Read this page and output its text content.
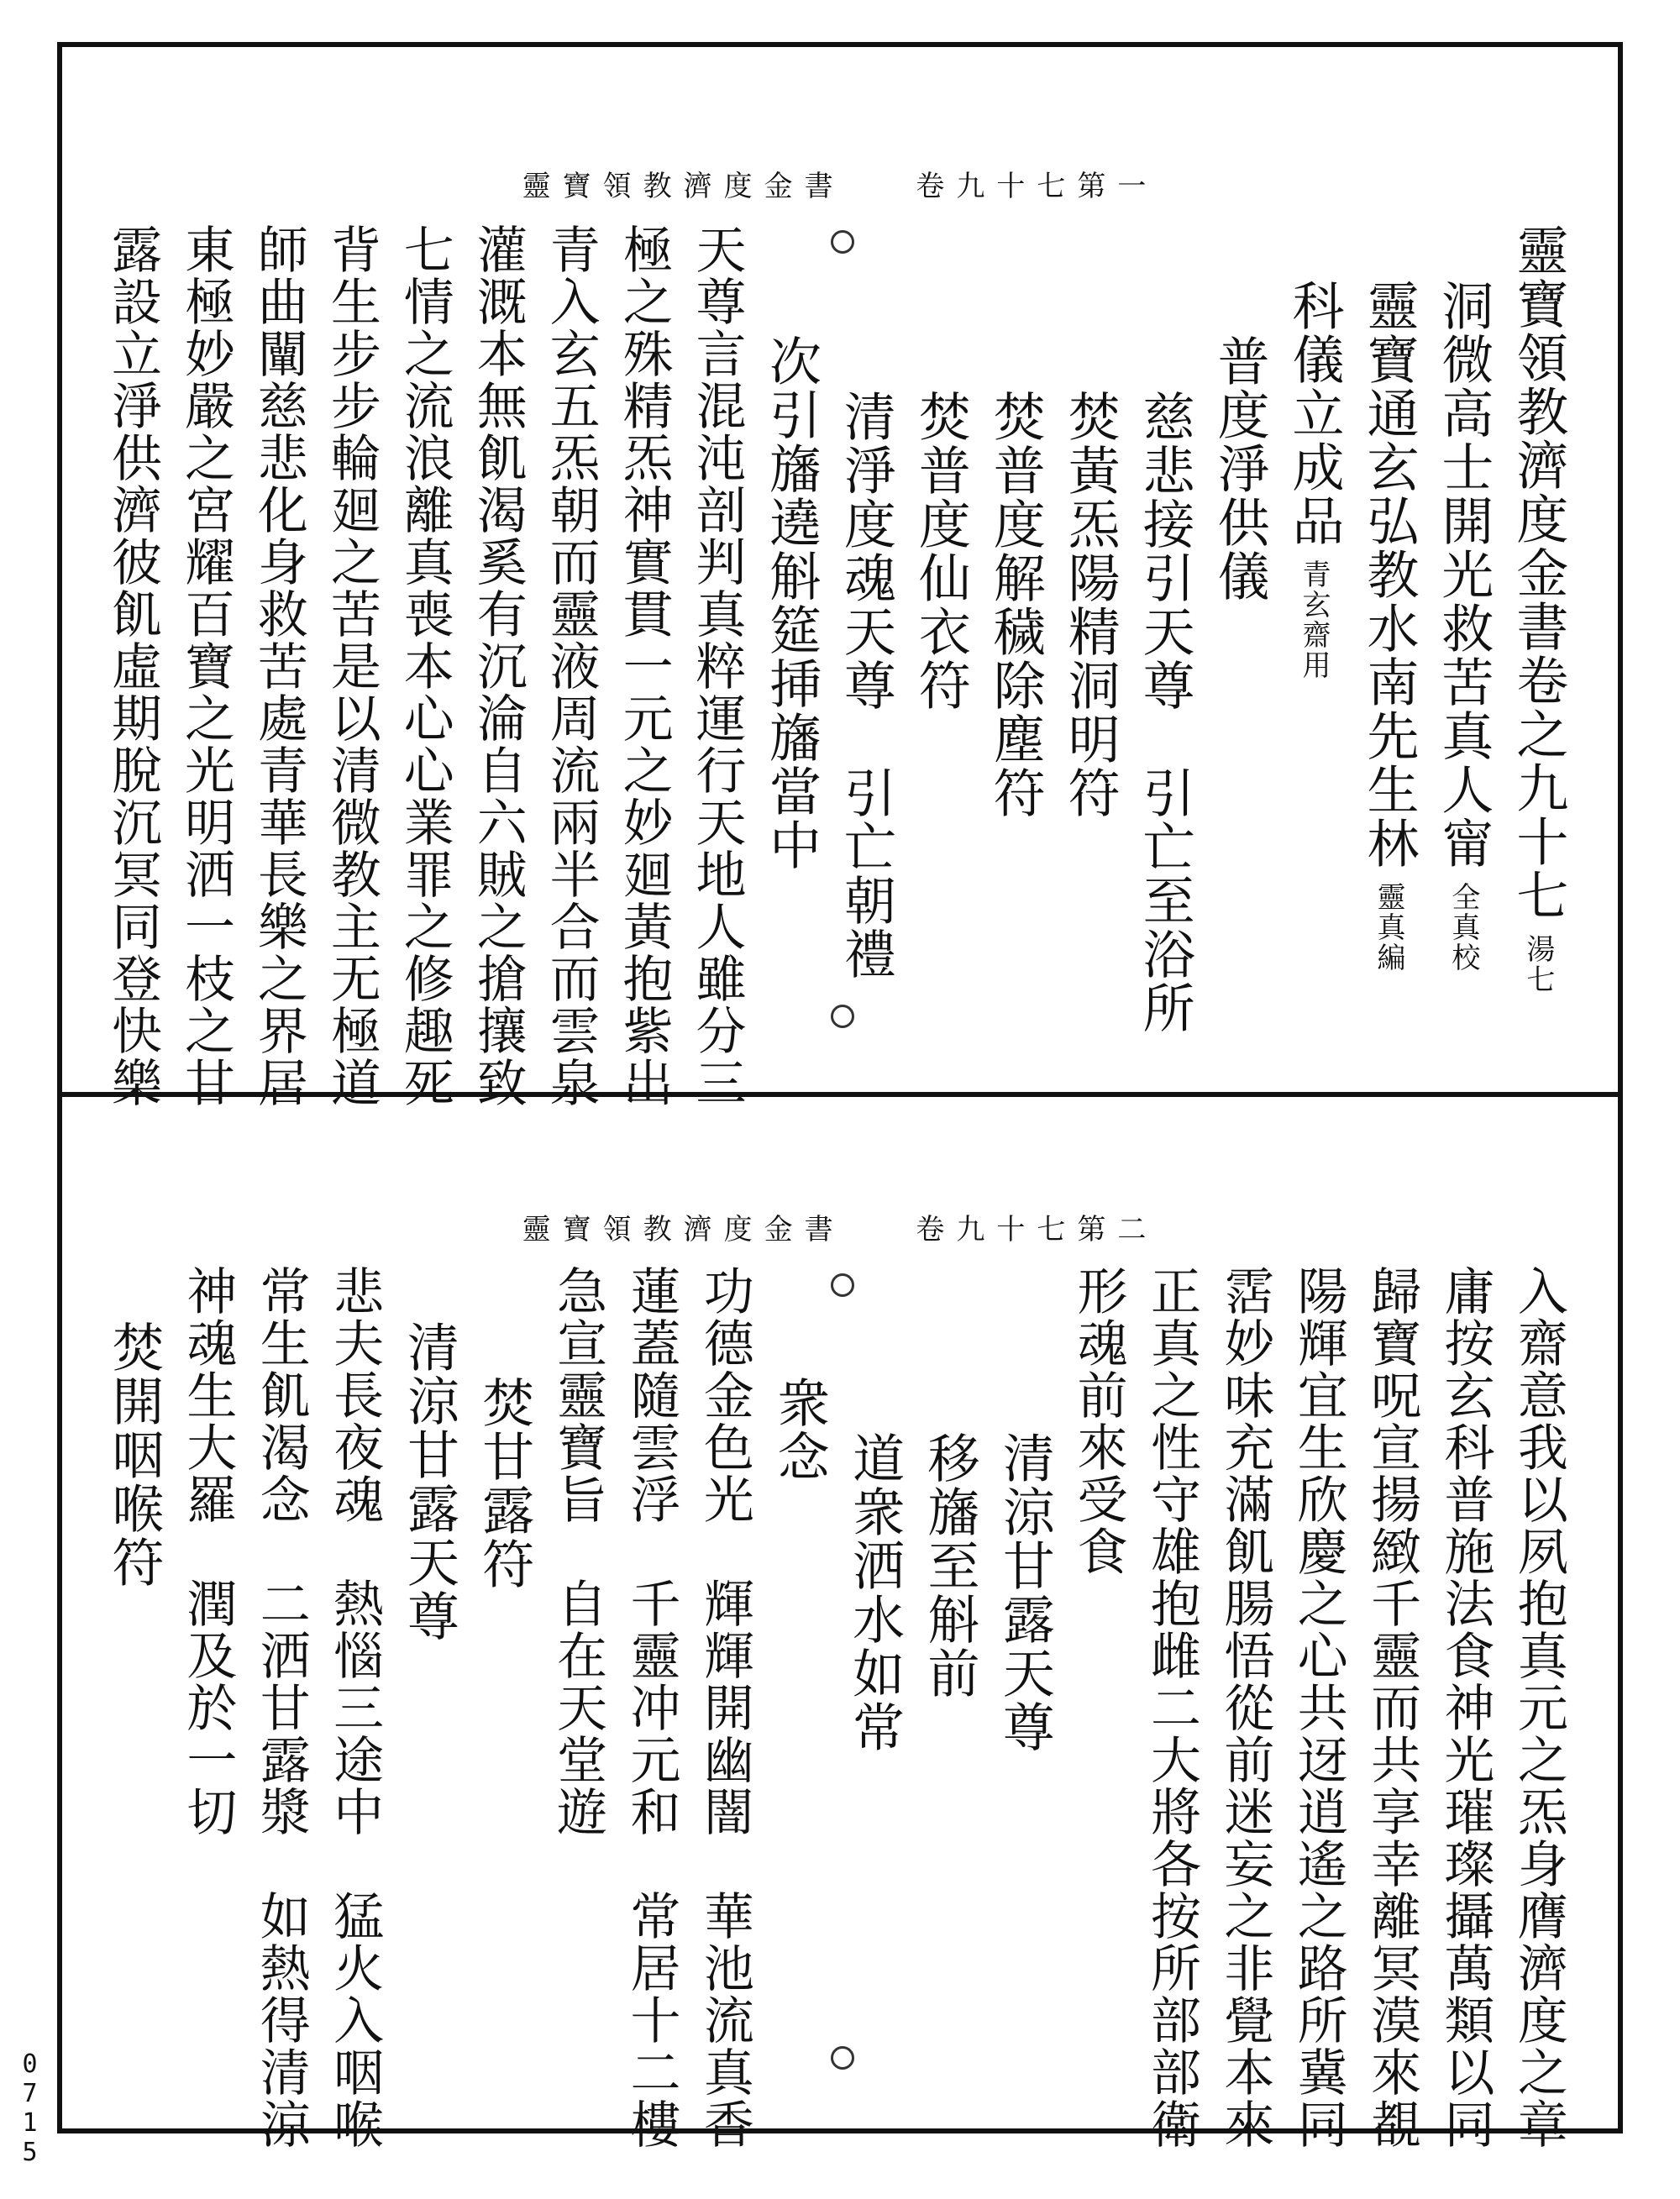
靈寶領教濟度金書 卷九十七第一
靈寶領教濟度金書卷之九十七湯七
洞微高士開光救苦真人甯全真校
靈寶通玄弘教水南先生林靈真編
科儀立成品青玄齋用
普度淨供儀
慈悲接引天尊　引亡至浴所
焚黃炁陽精洞明符
焚普度解穢除塵符
焚普度仙衣符
清淨度魂天尊　引亡朝禮
次引旛遶斛筵挿旛當中
天尊言混沌剖判真粹運行天地人雖分三
極之殊精炁神實貫一元之妙廻黃抱紫出
青入玄五炁朝而靈液周流兩半合而雲泉
灌溉本無飢渴奚有沉淪自六賊之搶攘致
七情之流浪離真喪本心心業罪之修趣死
背生步步輪廻之苦是以清微教主无極道
師曲闡慈悲化身救苦處青華長樂之界居
東極妙嚴之宮耀百寶之光明洒一枝之甘
露設立淨供濟彼飢虛期脫沉冥同登快樂
靈寶領教濟度金書 卷九十七第二
入齋意我以夙抱真元之炁身膺濟度之章
庸按玄科普施法食神光璀璨攝萬類以同
歸寶呪宣揚緻千靈而共享幸離冥漠來覩
陽輝宜生欣慶之心共迓逍遙之路所冀同
霑妙味充滿飢腸悟從前迷妄之非覺本來
正真之性守雄抱雌二大將各按所部部衛
形魂前來受食
清涼甘露天尊
移旛至斛前
道衆洒水如常
衆念
功德金色光　輝輝開幽闇　華池流真香
蓮蓋隨雲浮　千靈冲元和　常居十二樓
急宣靈寶旨　自在天堂遊
焚甘露符
清涼甘露天尊
悲夫長夜魂　熱惱三途中　猛火入咽喉
常生飢渴念　二洒甘露漿　如熱得清涼
神魂生大羅　潤及於一切
焚開咽喉符
0715
